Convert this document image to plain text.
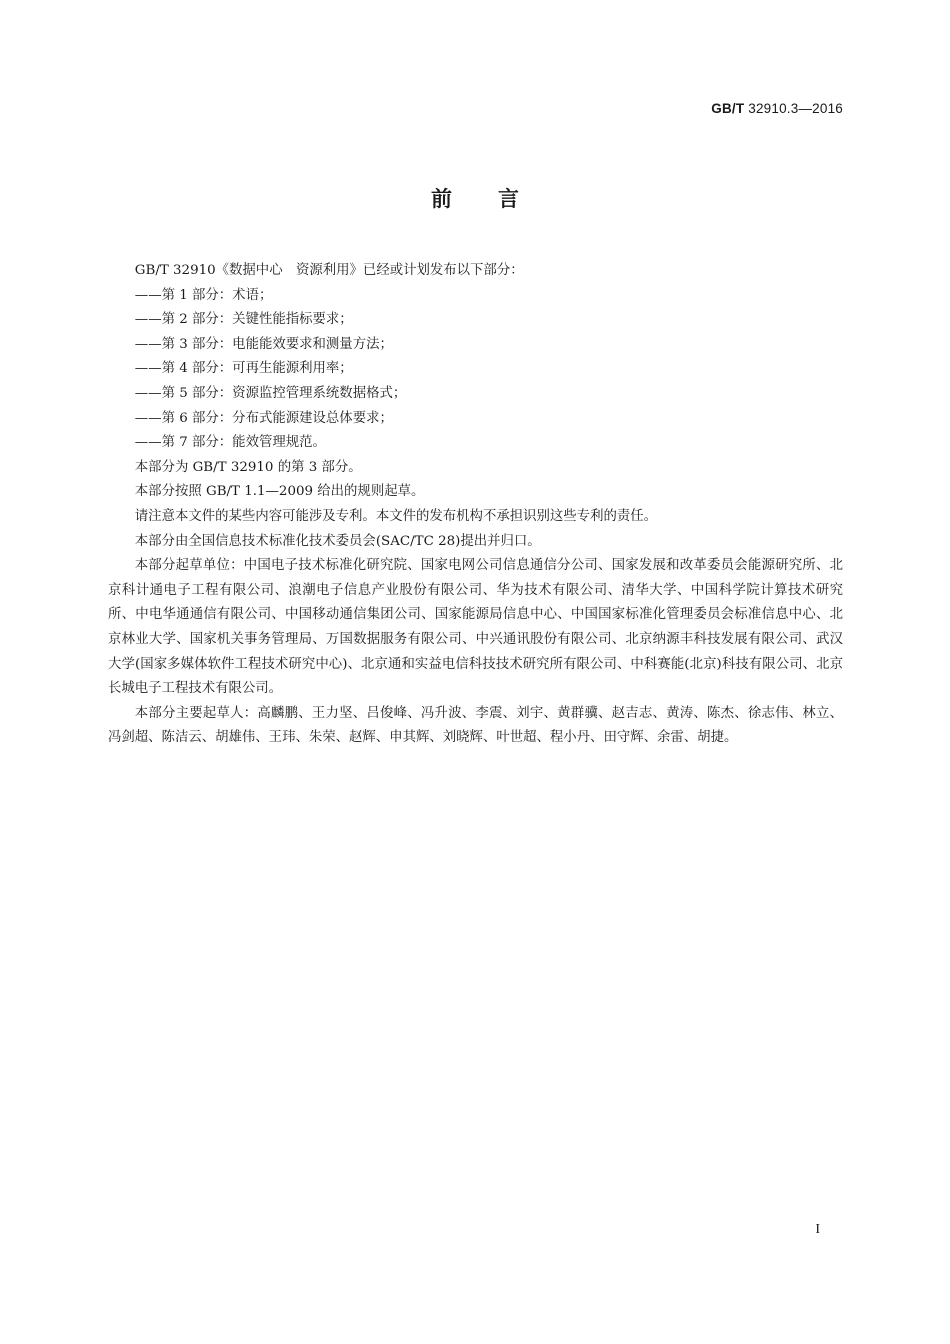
GB/T 32910.3—2016
前言

GB/T 32910《数据中心　资源利用》已经或计划发布以下部分：

——第 1 部分：术语；

——第 2 部分：关键性能指标要求；

——第 3 部分：电能能效要求和测量方法；

——第 4 部分：可再生能源利用率；

——第 5 部分：资源监控管理系统数据格式；

——第 6 部分：分布式能源建设总体要求；

——第 7 部分：能效管理规范。

本部分为 GB/T 32910 的第 3 部分。

本部分按照 GB/T 1.1—2009 给出的规则起草。

请注意本文件的某些内容可能涉及专利。本文件的发布机构不承担识别这些专利的责任。

本部分由全国信息技术标准化技术委员会(SAC/TC 28)提出并归口。

本部分起草单位：中国电子技术标准化研究院、国家电网公司信息通信分公司、国家发展和改革委员会能源研究所、北京科计通电子工程有限公司、浪潮电子信息产业股份有限公司、华为技术有限公司、清华大学、中国科学院计算技术研究所、中电华通通信有限公司、中国移动通信集团公司、国家能源局信息中心、中国国家标准化管理委员会标准信息中心、北京林业大学、国家机关事务管理局、万国数据服务有限公司、中兴通讯股份有限公司、北京纳源丰科技发展有限公司、武汉大学(国家多媒体软件工程技术研究中心)、北京通和实益电信科技技术研究所有限公司、中科赛能(北京)科技有限公司、北京长城电子工程技术有限公司。

本部分主要起草人：高麟鹏、王力坚、吕俊峰、冯升波、李震、刘宇、黄群骥、赵吉志、黄涛、陈杰、徐志伟、林立、冯剑超、陈洁云、胡雄伟、王玮、朱荣、赵辉、申其辉、刘晓辉、叶世超、程小丹、田守辉、余雷、胡捷。

I
